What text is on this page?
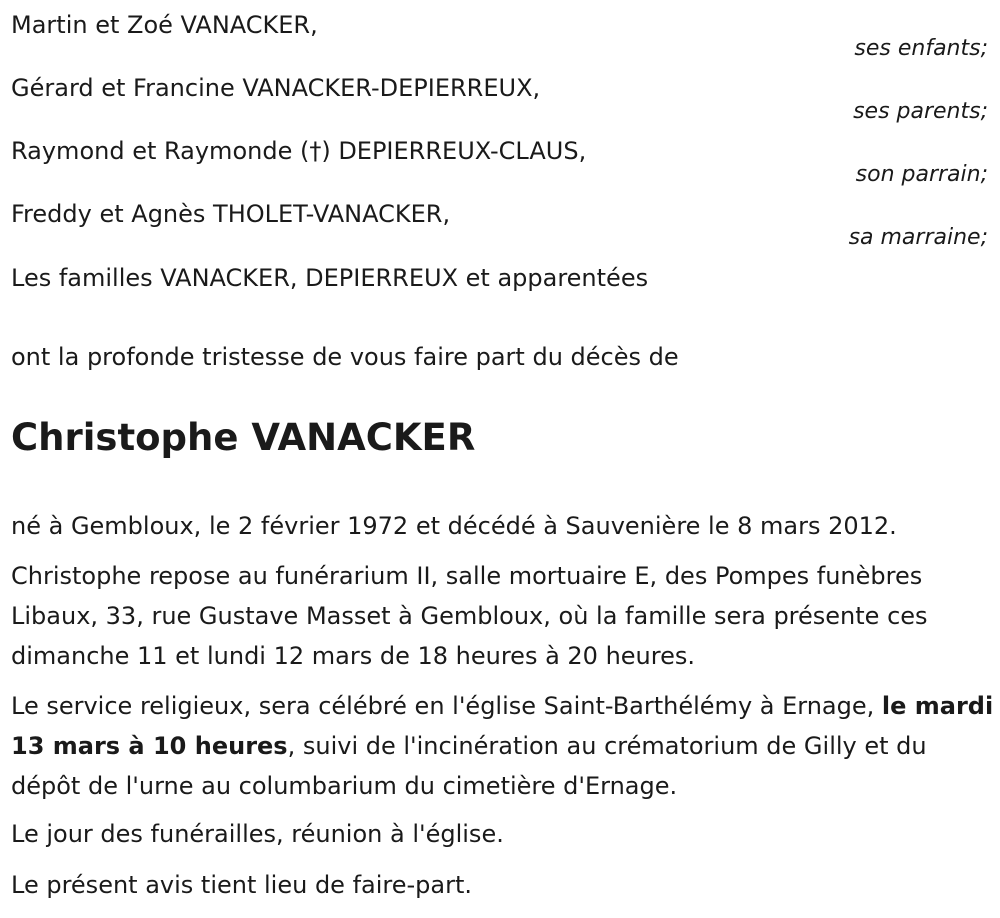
Martin et Zoé VANACKER,
ses enfants;
Gérard et Francine VANACKER-DEPIERREUX,
ses parents;
Raymond et Raymonde (†) DEPIERREUX-CLAUS,
son parrain;
Freddy et Agnès THOLET-VANACKER,
sa marraine;
Les familles VANACKER, DEPIERREUX et apparentées
ont la profonde tristesse de vous faire part du décès de
Christophe VANACKER

né à Gembloux, le 2 février 1972 et décédé à Sauvenière le 8 mars 2012.

Christophe repose au funérarium II, salle mortuaire E, des Pompes funèbres Libaux, 33, rue Gustave Masset à Gembloux, où la famille sera présente ces dimanche 11 et lundi 12 mars de 18 heures à 20 heures.

Le service religieux, sera célébré en l'église Saint-Barthélémy à Ernage, le mardi 13 mars à 10 heures, suivi de l'incinération au crématorium de Gilly et du dépôt de l'urne au columbarium du cimetière d'Ernage.

Le jour des funérailles, réunion à l'église.

Le présent avis tient lieu de faire-part.
